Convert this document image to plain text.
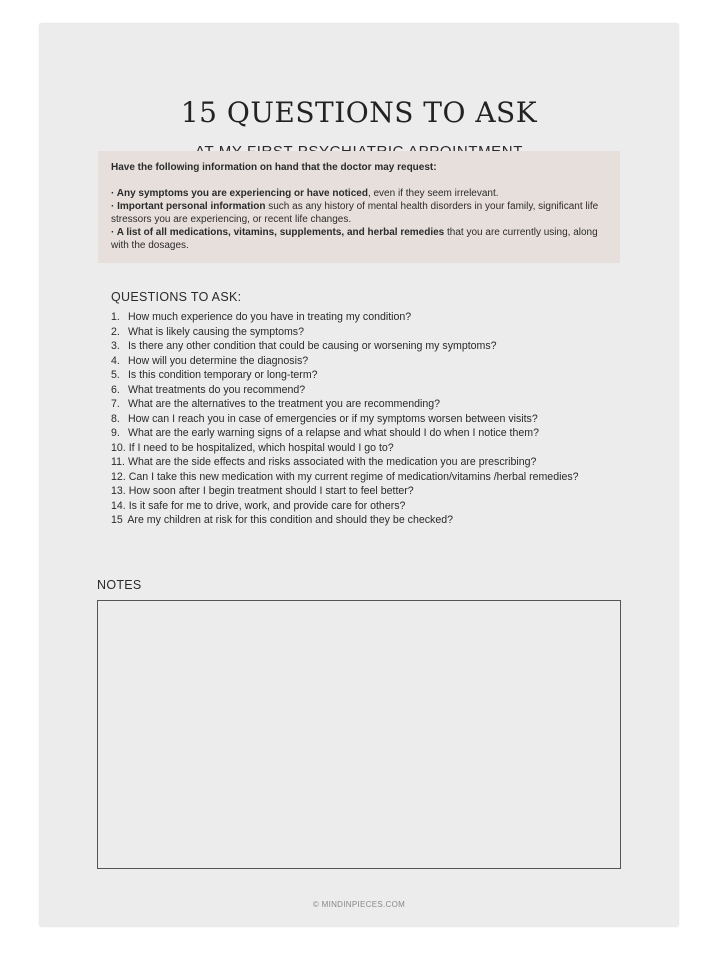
15 QUESTIONS TO ASK

Have the following information on hand that the doctor may request:

· Any symptoms you are experiencing or have noticed, even if they seem irrelevant.

· Important personal information such as any history of mental health disorders in your family, significant life stressors you are experiencing, or recent life changes.

· A list of all medications, vitamins, supplements, and herbal remedies that you are currently using, along with the dosages.

QUESTIONS TO ASK:
1. How much experience do you have in treating my condition?
2. What is likely causing the symptoms?
3. Is there any other condition that could be causing or worsening my symptoms?
4. How will you determine the diagnosis?
5. Is this condition temporary or long-term?
6. What treatments do you recommend?
7. What are the alternatives to the treatment you are recommending?
8. How can I reach you in case of emergencies or if my symptoms worsen between visits?
9. What are the early warning signs of a relapse and what should I do when I notice them?
10. If I need to be hospitalized, which hospital would I go to?
11. What are the side effects and risks associated with the medication you are prescribing?
12. Can I take this new medication with my current regime of medication/vitamins /herbal remedies?
13. How soon after I begin treatment should I start to feel better?
14. Is it safe for me to drive, work, and provide care for others?
15 Are my children at risk for this condition and should they be checked?
NOTES
© MINDINPIECES.COM
